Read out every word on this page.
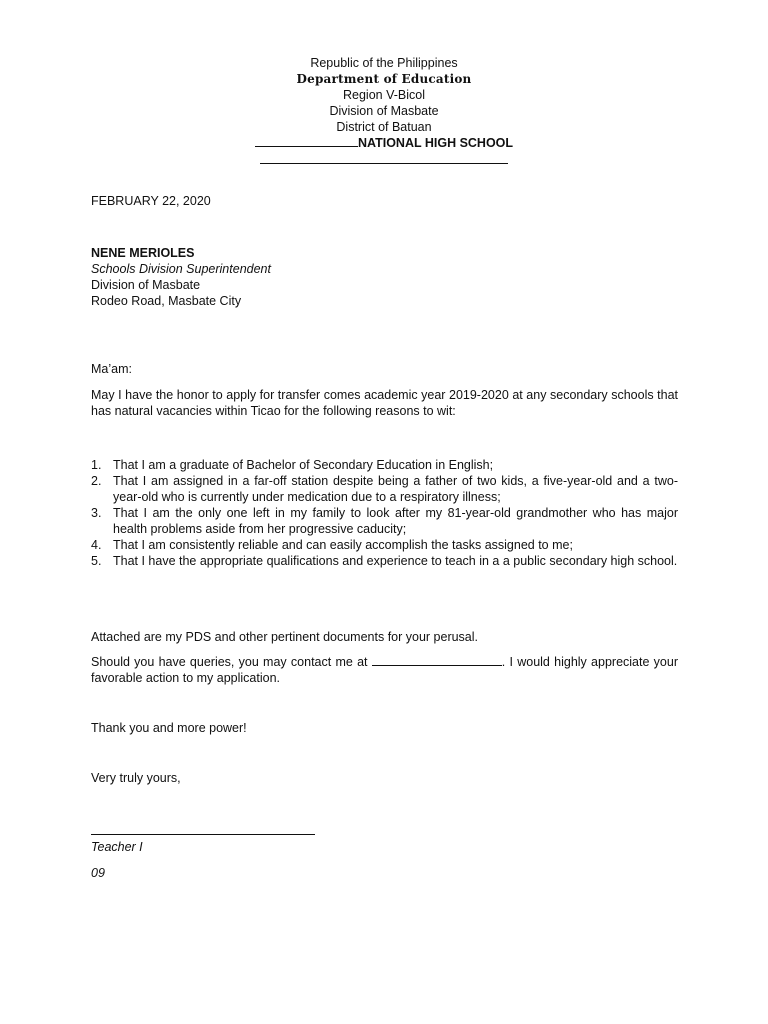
Republic of the Philippines
Department of Education
Region V-Bicol
Division of Masbate
District of Batuan
NATIONAL HIGH SCHOOL
FEBRUARY 22, 2020
NENE MERIOLES
Schools Division Superintendent
Division of Masbate
Rodeo Road, Masbate City
Ma’am:
May I have the honor to apply for transfer comes academic year 2019-2020 at any secondary schools that has natural vacancies within Ticao for the following reasons to wit:
1. That I am a graduate of Bachelor of Secondary Education in English;
2. That I am assigned in a far-off station despite being a father of two kids, a five-year-old and a two-year-old who is currently under medication due to a respiratory illness;
3. That I am the only one left in my family to look after my 81-year-old grandmother who has major health problems aside from her progressive caducity;
4. That I am consistently reliable and can easily accomplish the tasks assigned to me;
5. That I have the appropriate qualifications and experience to teach in a a public secondary high school.
Attached are my PDS and other pertinent documents for your perusal.
Should you have queries, you may contact me at	. I would highly appreciate your favorable action to my application.
Thank you and more power!
Very truly yours,
Teacher I
09
